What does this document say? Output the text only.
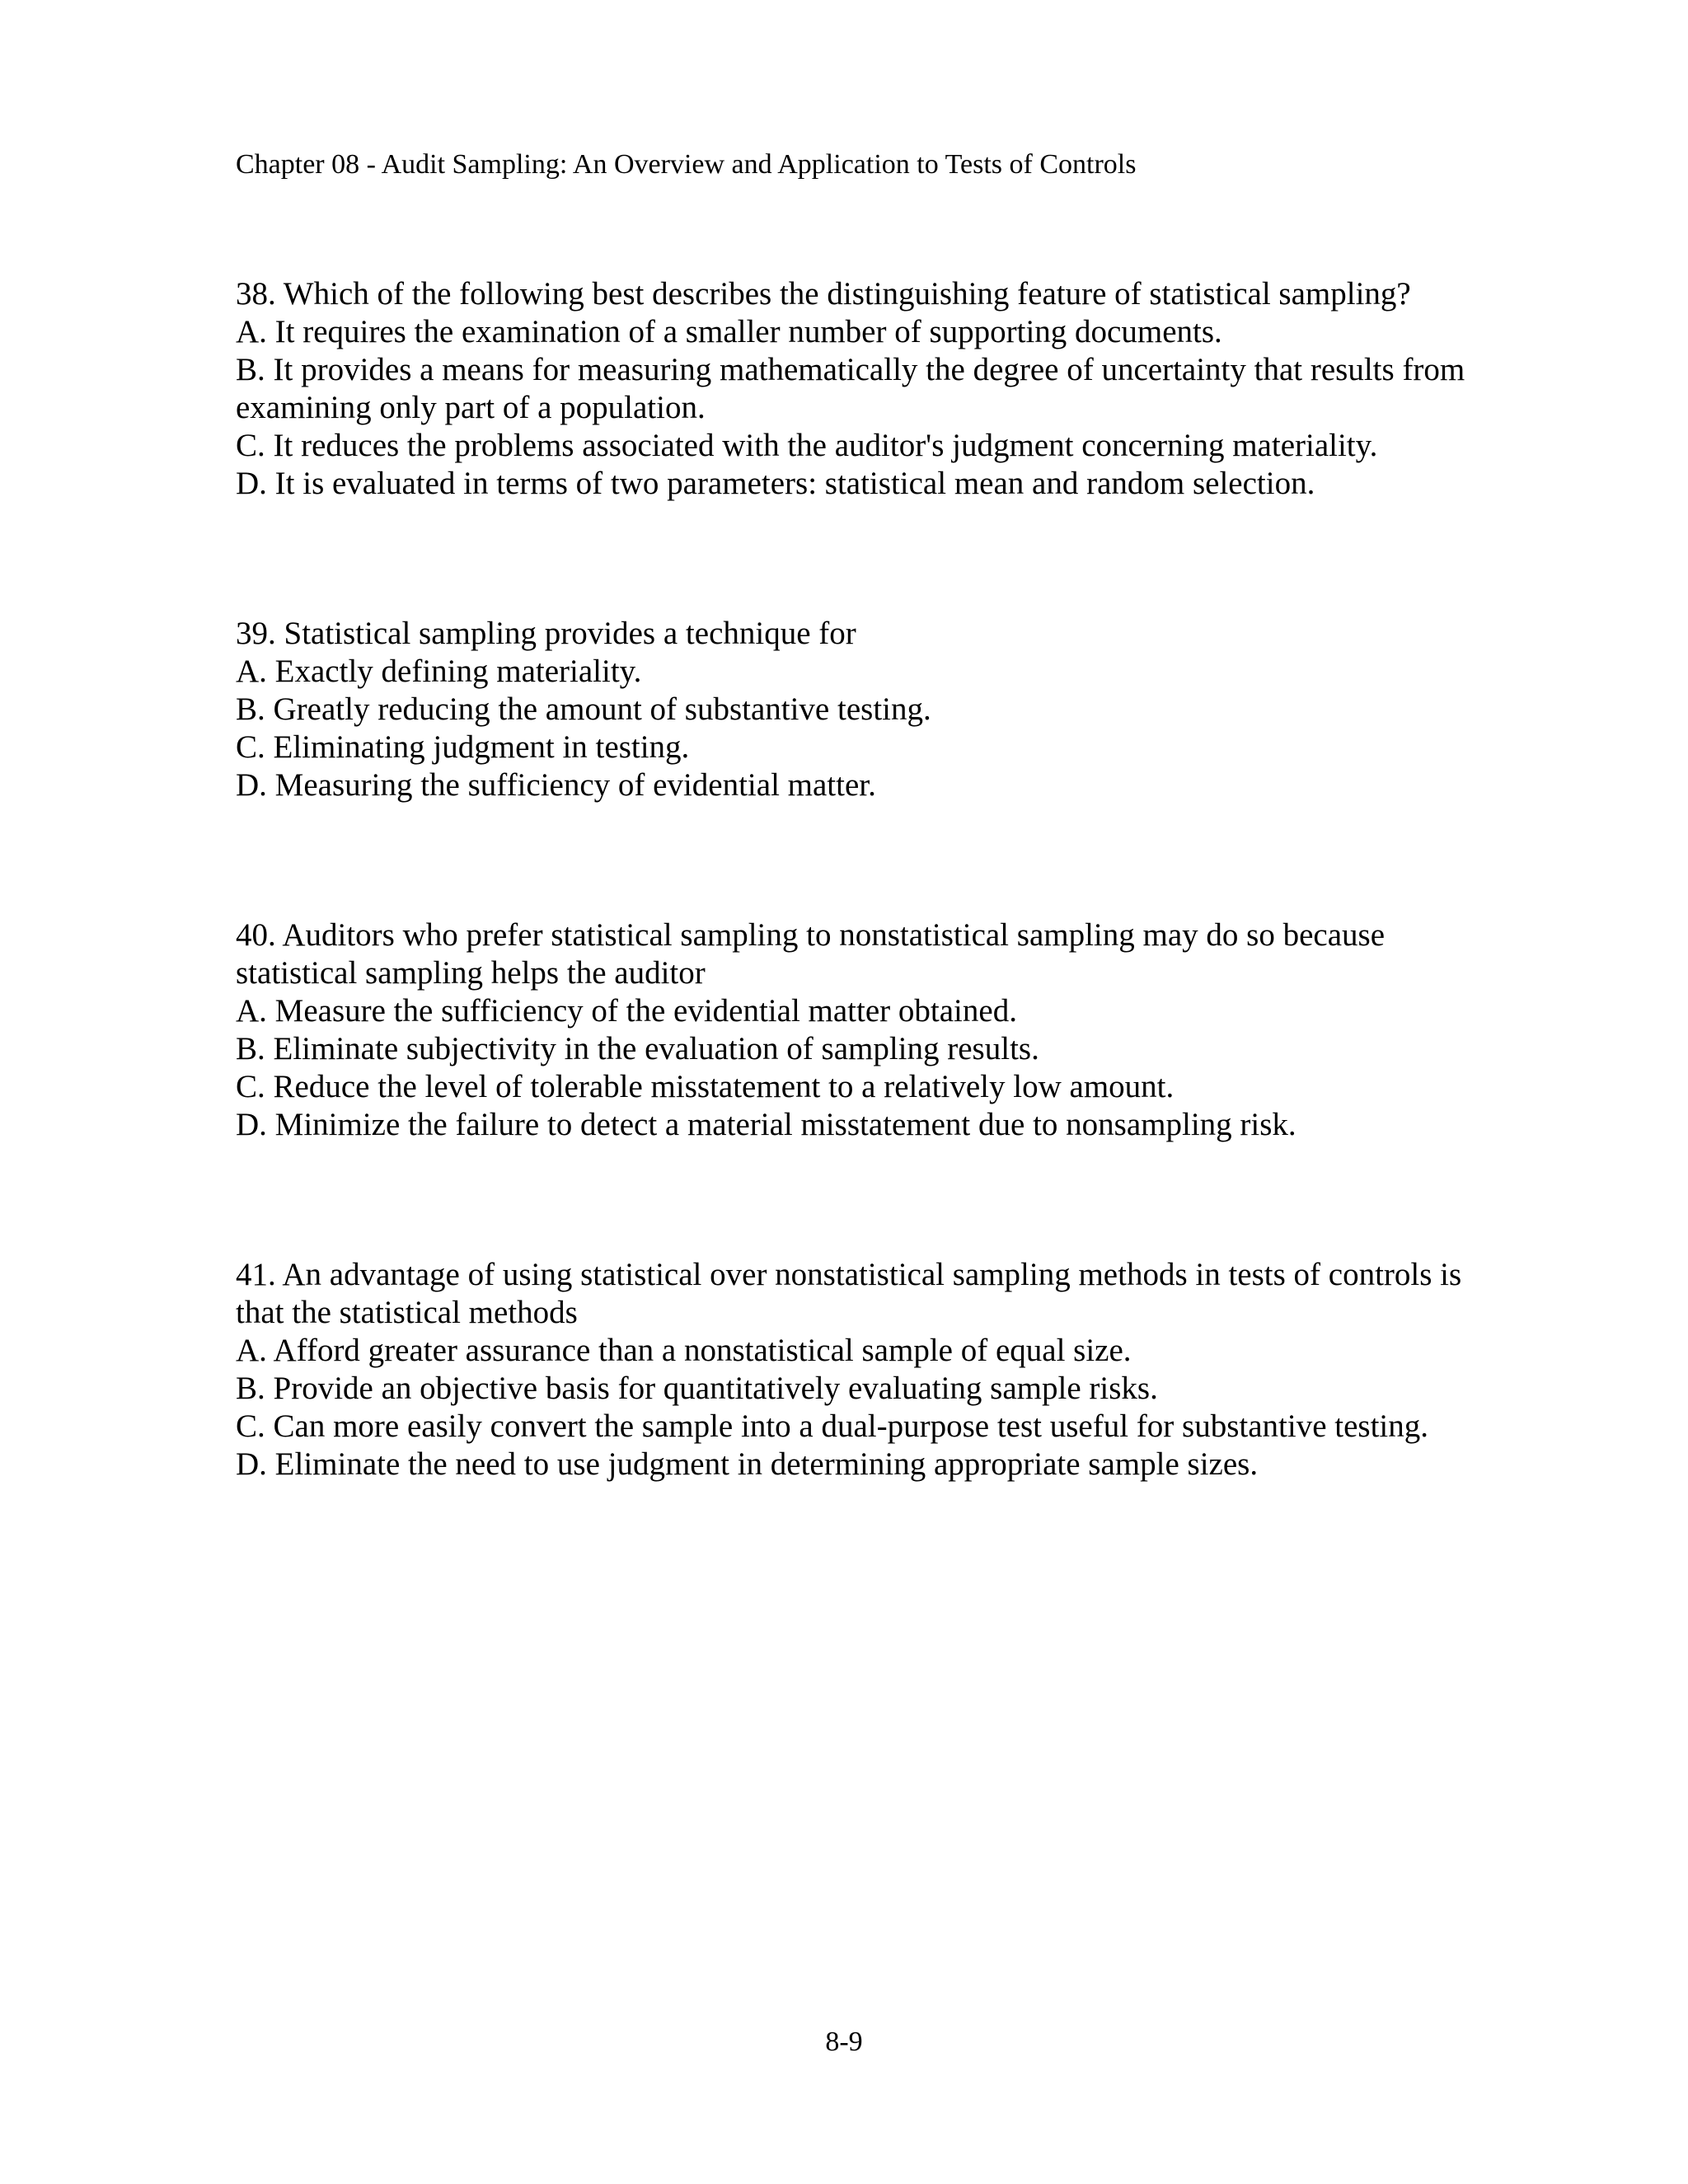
Chapter 08 - Audit Sampling: An Overview and Application to Tests of Controls
38. Which of the following best describes the distinguishing feature of statistical sampling?
A. It requires the examination of a smaller number of supporting documents.
B. It provides a means for measuring mathematically the degree of uncertainty that results from
examining only part of a population.
C. It reduces the problems associated with the auditor's judgment concerning materiality.
D. It is evaluated in terms of two parameters: statistical mean and random selection.
39. Statistical sampling provides a technique for
A. Exactly defining materiality.
B. Greatly reducing the amount of substantive testing.
C. Eliminating judgment in testing.
D. Measuring the sufficiency of evidential matter.
40. Auditors who prefer statistical sampling to nonstatistical sampling may do so because
statistical sampling helps the auditor
A. Measure the sufficiency of the evidential matter obtained.
B. Eliminate subjectivity in the evaluation of sampling results.
C. Reduce the level of tolerable misstatement to a relatively low amount.
D. Minimize the failure to detect a material misstatement due to nonsampling risk.
41. An advantage of using statistical over nonstatistical sampling methods in tests of controls is
that the statistical methods
A. Afford greater assurance than a nonstatistical sample of equal size.
B. Provide an objective basis for quantitatively evaluating sample risks.
C. Can more easily convert the sample into a dual-purpose test useful for substantive testing.
D. Eliminate the need to use judgment in determining appropriate sample sizes.
8-9
